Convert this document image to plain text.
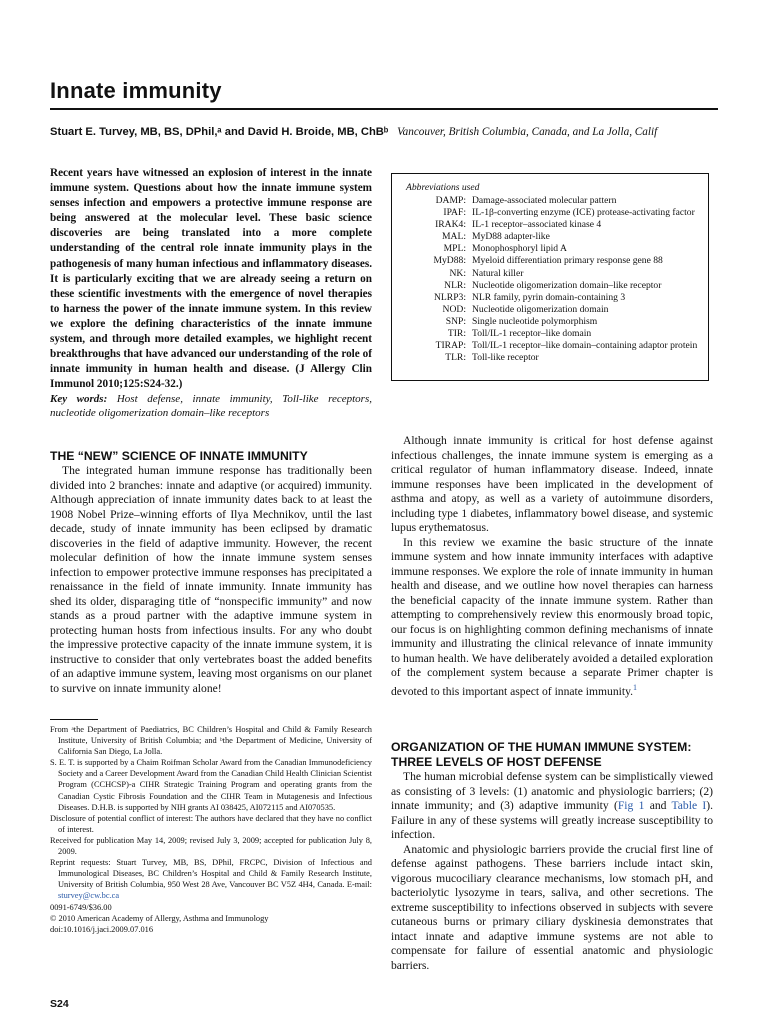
Innate immunity
Stuart E. Turvey, MB, BS, DPhil,ᵃ and David H. Broide, MB, ChBᵇ Vancouver, British Columbia, Canada, and La Jolla, Calif
Recent years have witnessed an explosion of interest in the innate immune system. Questions about how the innate immune system senses infection and empowers a protective immune response are being answered at the molecular level. These basic science discoveries are being translated into a more complete understanding of the central role innate immunity plays in the pathogenesis of many human infectious and inflammatory diseases. It is particularly exciting that we are already seeing a return on these scientific investments with the emergence of novel therapies to harness the power of the innate immune system. In this review we explore the defining characteristics of the innate immune system, and through more detailed examples, we highlight recent breakthroughs that have advanced our understanding of the role of innate immunity in human health and disease. (J Allergy Clin Immunol 2010;125:S24-32.)
Key words: Host defense, innate immunity, Toll-like receptors, nucleotide oligomerization domain–like receptors
Abbreviations used
DAMP: Damage-associated molecular pattern
IPAF: IL-1β-converting enzyme (ICE) protease-activating factor
IRAK4: IL-1 receptor–associated kinase 4
MAL: MyD88 adapter-like
MPL: Monophosphoryl lipid A
MyD88: Myeloid differentiation primary response gene 88
NK: Natural killer
NLR: Nucleotide oligomerization domain–like receptor
NLRP3: NLR family, pyrin domain-containing 3
NOD: Nucleotide oligomerization domain
SNP: Single nucleotide polymorphism
TIR: Toll/IL-1 receptor–like domain
TIRAP: Toll/IL-1 receptor–like domain–containing adaptor protein
TLR: Toll-like receptor
THE “NEW” SCIENCE OF INNATE IMMUNITY

The integrated human immune response has traditionally been divided into 2 branches: innate and adaptive (or acquired) immunity. Although appreciation of innate immunity dates back to at least the 1908 Nobel Prize–winning efforts of Ilya Mechnikov, until the last decade, study of innate immunity has been eclipsed by dramatic discoveries in the field of adaptive immunity. However, the recent molecular definition of how the innate immune system senses infection to empower protective immune responses has precipitated a renaissance in the field of innate immunity. Innate immunity has shed its older, disparaging title of “nonspecific immunity” and now stands as a proud partner with the adaptive immune system in protecting human hosts from infectious insults. For any who doubt the impressive protective capacity of the innate immune system, it is instructive to consider that only vertebrates boast the added benefits of an adaptive immune system, leaving most organisms on our planet to survive on innate immunity alone!

From ᵃthe Department of Paediatrics, BC Children’s Hospital and Child & Family Research Institute, University of British Columbia; and ᵇthe Department of Medicine, University of California San Diego, La Jolla.

S. E. T. is supported by a Chaim Roifman Scholar Award from the Canadian Immunodeficiency Society and a Career Development Award from the Canadian Child Health Clinician Scientist Program (CCHCSP)-a CIHR Strategic Training Program and operating grants from the Canadian Cystic Fibrosis Foundation and the CIHR Team in Mutagenesis and Infectious Diseases. D.H.B. is supported by NIH grants AI 038425, AI072115 and AI070535.

Disclosure of potential conflict of interest: The authors have declared that they have no conflict of interest.

Received for publication May 14, 2009; revised July 3, 2009; accepted for publication July 8, 2009.

Reprint requests: Stuart Turvey, MB, BS, DPhil, FRCPC, Division of Infectious and Immunological Diseases, BC Children’s Hospital and Child & Family Research Institute, University of British Columbia, 950 West 28 Ave, Vancouver BC V5Z 4H4, Canada. E-mail: sturvey@cw.bc.ca

0091-6749/$36.00

© 2010 American Academy of Allergy, Asthma and Immunology

doi:10.1016/j.jaci.2009.07.016

Although innate immunity is critical for host defense against infectious challenges, the innate immune system is emerging as a critical regulator of human inflammatory disease. Indeed, innate immune responses have been implicated in the development of asthma and atopy, as well as a variety of autoimmune disorders, including type 1 diabetes, inflammatory bowel disease, and systemic lupus erythematosus.

In this review we examine the basic structure of the innate immune system and how innate immunity interfaces with adaptive immune responses. We explore the role of innate immunity in human health and disease, and we outline how novel therapies can harness the beneficial capacity of the innate immune system. Rather than attempting to comprehensively review this enormously broad topic, our focus is on highlighting common defining mechanisms of innate immunity and illustrating the clinical relevance of innate immunity to human health. We have deliberately avoided a detailed exploration of the complement system because a separate Primer chapter is devoted to this important aspect of innate immunity.$^1$

ORGANIZATION OF THE HUMAN IMMUNE SYSTEM: THREE LEVELS OF HOST DEFENSE

The human microbial defense system can be simplistically viewed as consisting of 3 levels: (1) anatomic and physiologic barriers; (2) innate immunity; and (3) adaptive immunity (Fig 1 and Table I). Failure in any of these systems will greatly increase susceptibility to infection.

Anatomic and physiologic barriers provide the crucial first line of defense against pathogens. These barriers include intact skin, vigorous mucociliary clearance mechanisms, low stomach pH, and bacteriolytic lysozyme in tears, saliva, and other secretions. The extreme susceptibility to infections observed in subjects with severe cutaneous burns or primary ciliary dyskinesia demonstrates that intact innate and adaptive immune systems are not able to compensate for failure of essential anatomic and physiologic barriers.

S24
